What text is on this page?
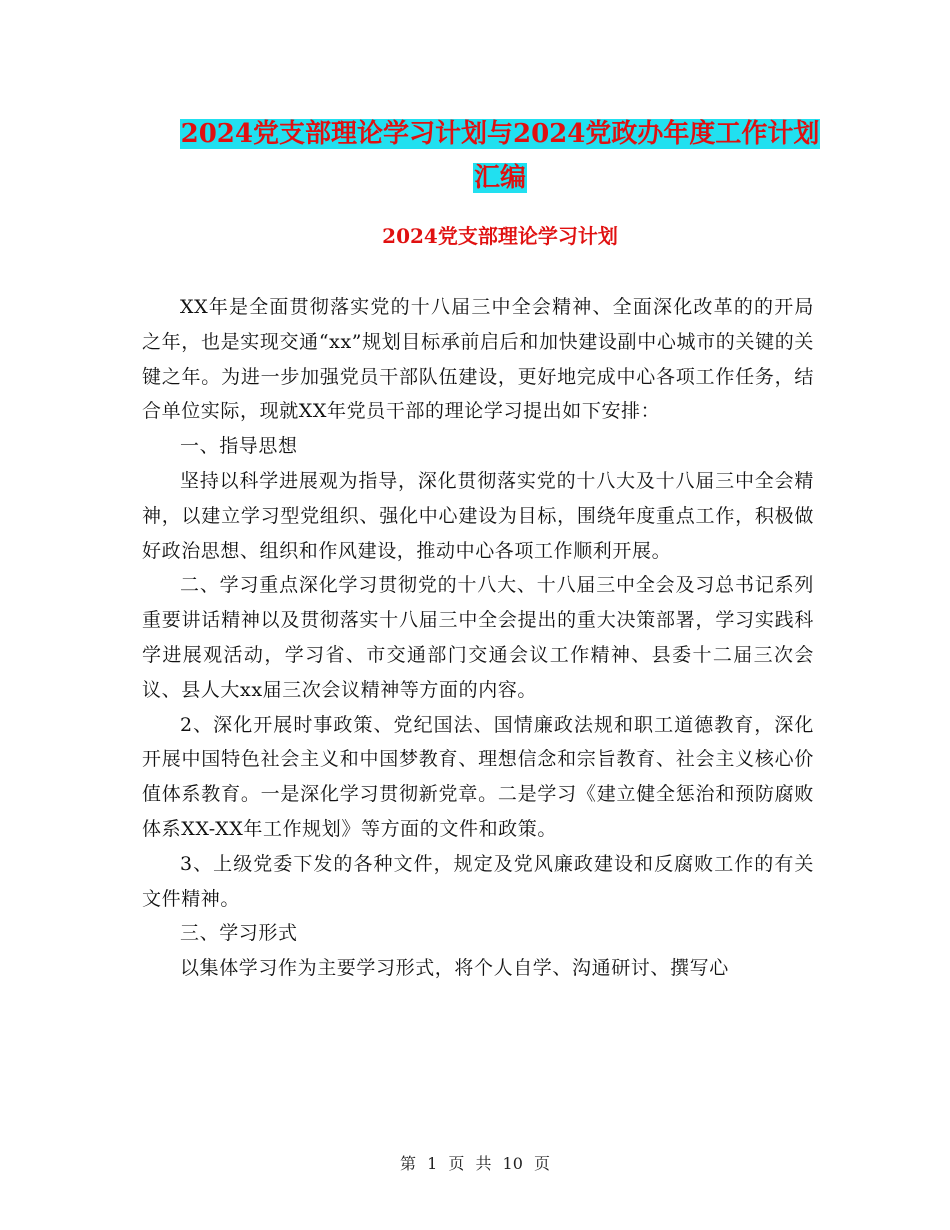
2024党支部理论学习计划与2024党政办年度工作计划
汇编
2024党支部理论学习计划

XX年是全面贯彻落实党的十八届三中全会精神、全面深化改革的的开局之年，也是实现交通“xx”规划目标承前启后和加快建设副中心城市的关键的关键之年。为进一步加强党员干部队伍建设，更好地完成中心各项工作任务，结合单位实际，现就XX年党员干部的理论学习提出如下安排：

一、指导思想

坚持以科学进展观为指导，深化贯彻落实党的十八大及十八届三中全会精神，以建立学习型党组织、强化中心建设为目标，围绕年度重点工作，积极做好政治思想、组织和作风建设，推动中心各项工作顺利开展。

二、学习重点深化学习贯彻党的十八大、十八届三中全会及习总书记系列重要讲话精神以及贯彻落实十八届三中全会提出的重大决策部署，学习实践科学进展观活动，学习省、市交通部门交通会议工作精神、县委十二届三次会议、县人大xx届三次会议精神等方面的内容。

2、深化开展时事政策、党纪国法、国情廉政法规和职工道德教育，深化开展中国特色社会主义和中国梦教育、理想信念和宗旨教育、社会主义核心价值体系教育。一是深化学习贯彻新党章。二是学习《建立健全惩治和预防腐败体系XX-XX年工作规划》等方面的文件和政策。

3、上级党委下发的各种文件，规定及党风廉政建设和反腐败工作的有关文件精神。

三、学习形式

以集体学习作为主要学习形式，将个人自学、沟通研讨、撰写心

第 1 页 共 10 页
